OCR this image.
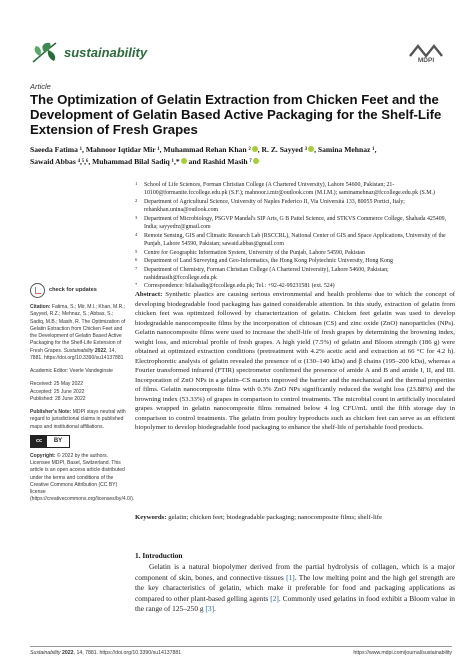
sustainability
MDPI
Article
The Optimization of Gelatin Extraction from Chicken Feet and the Development of Gelatin Based Active Packaging for the Shelf-Life Extension of Fresh Grapes
Saeeda Fatima ¹, Mahnoor Iqtidar Mir ¹, Muhammad Rehan Khan ² , R. Z. Sayyed ³ , Samina Mehnaz ¹,
Sawaid Abbas ⁴,⁵,⁶, Muhammad Bilal Sadiq ¹,* and Rashid Masih ⁷
1 School of Life Sciences, Forman Christian College (A Chartered University), Lahore 54600, Pakistan; 21-10100@formanite.fccollege.edu.pk (S.F.); mahnoor.i.mir@outlook.com (M.I.M.); saminamehnaz@fccollege.edu.pk (S.M.)
2 Department of Agricultural Science, University of Naples Federico II, Via Università 133, 80055 Portici, Italy; rehankhan.unina@outlook.com
3 Department of Microbiology, PSGVP Mandal's SIP Arts, G B Pattel Science, and STKVS Commerce College, Shahada 425409, India; sayyedrz@gmail.com
4 Remote Sensing, GIS and Climatic Research Lab (RSCCRL), National Center of GIS and Space Applications, University of the Punjab, Lahore 54590, Pakistan; sawaid.abbas@gmail.com
5 Centre for Geographic Information System, University of the Punjab, Lahore 54590, Pakistan
6 Department of Land Surveying and Geo-Informatics, the Hong Kong Polytechnic University, Hong Kong
7 Department of Chemistry, Forman Christian College (A Chartered University), Lahore 54600, Pakistan; rashidmasih@fccollege.edu.pk
* Correspondence: bilalsadiq@fccollege.edu.pk; Tel.: +92-42-99231581 (ext. 524)
check for updates
Citation: Fatima, S.; Mir, M.I.; Khan, M.R.; Sayyed, R.Z.; Mehnaz, S.; Abbas, S.; Sadiq, M.B.; Masih, R. The Optimization of Gelatin Extraction from Chicken Feet and the Development of Gelatin Based Active Packaging for the Shelf-Life Extension of Fresh Grapes. Sustainability 2022, 14, 7881. https://doi.org/10.3390/su14137881
Academic Editor: Veerle Vandeginste
Received: 25 May 2022
Accepted: 25 June 2022
Published: 28 June 2022
Publisher's Note: MDPI stays neutral with regard to jurisdictional claims in published maps and institutional affiliations.
cc	BY
Copyright: © 2022 by the authors. Licensee MDPI, Basel, Switzerland. This article is an open access article distributed under the terms and conditions of the Creative Commons Attribution (CC BY) license (https://creativecommons.org/licenses/by/4.0/).
Abstract: Synthetic plastics are causing serious environmental and health problems due to which the concept of developing biodegradable food packaging has gained considerable attention. In this study, extraction of gelatin from chicken feet was optimized followed by characterization of gelatin. Chicken feet gelatin was used to develop biodegradable nanocomposite films by the incorporation of chitosan (CS) and zinc oxide (ZnO) nanoparticles (NPs). Gelatin nanocomposite films were used to increase the shelf-life of fresh grapes by determining the browning index, weight loss, and microbial profile of fresh grapes. A high yield (7.5%) of gelatin and Bloom strength (186 g) were obtained at optimized extraction conditions (pretreatment with 4.2% acetic acid and extraction at 66 °C for 4.2 h). Electrophoretic analysis of gelatin revealed the presence of α (130–140 kDa) and β chains (195–200 kDa), whereas a Fourier transformed infrared (FTIR) spectrometer confirmed the presence of amide A and B and amide I, II, and III. Incorporation of ZnO NPs in a gelatin–CS matrix improved the barrier and the mechanical and the thermal properties of films. Gelatin nanocomposite films with 0.3% ZnO NPs significantly reduced the weight loss (23.88%) and the browning index (53.33%) of grapes in comparison to control treatments. The microbial count in artificially inoculated grapes wrapped in gelatin nanocomposite films remained below 4 log CFU/mL until the fifth storage day in comparison to control treatments. The gelatin from poultry byproducts such as chicken feet can serve as an efficient biopolymer to develop biodegradable food packaging to enhance the shelf-life of perishable food products.
Keywords: gelatin; chicken feet; biodegradable packaging; nanocomposite films; shelf-life
1. Introduction
Gelatin is a natural biopolymer derived from the partial hydrolysis of collagen, which is a major component of skin, bones, and connective tissues [1]. The low melting point and the high gel strength are the key characteristics of gelatin, which make it preferable for food and packaging applications as compared to other plant-based gelling agents [2]. Commonly used gelatins in food exhibit a Bloom value in the range of 125–250 g [3].
Sustainability 2022, 14, 7881. https://doi.org/10.3390/su14137881	https://www.mdpi.com/journal/sustainability
